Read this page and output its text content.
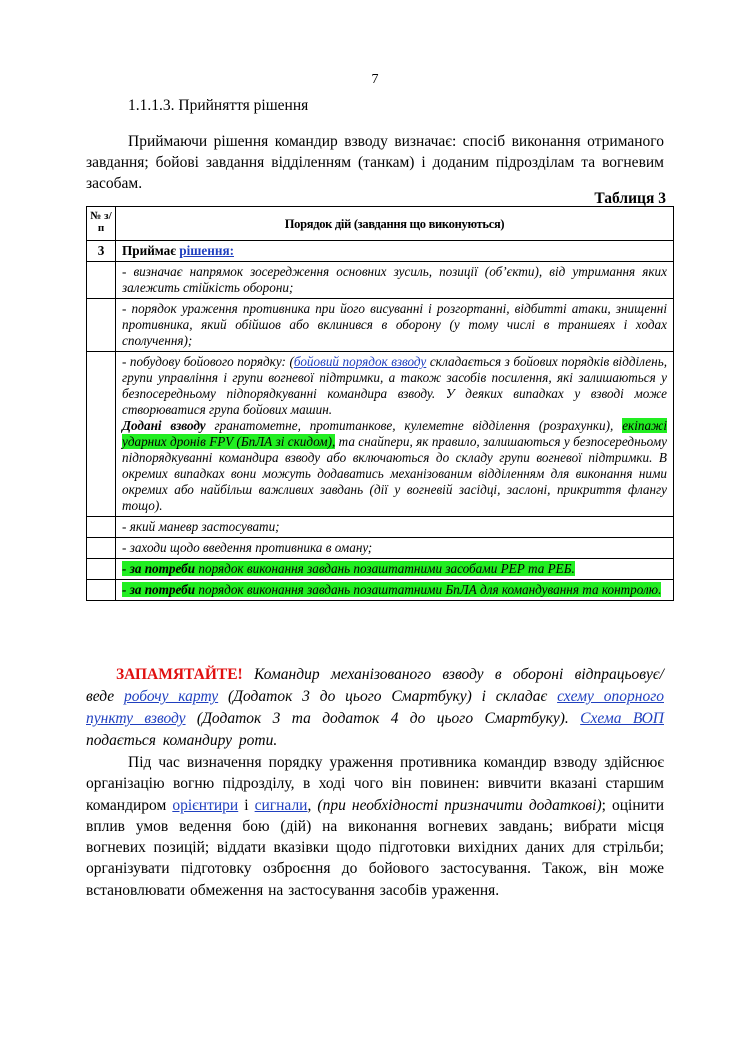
7
1.1.1.3. Прийняття рішення
Приймаючи рішення командир взводу визначає: спосіб виконання отриманого завдання; бойові завдання відділенням (танкам) і доданим підрозділам та вогневим засобам.
Таблиця 3
№ з/п	Порядок дій (завдання що виконуються)
3	Приймає рішення:
	- визначає напрямок зосередження основних зусиль, позиції (об’єкти), від утримання яких залежить стійкість оборони;
	- порядок ураження противника при його висуванні і розгортанні, відбитті атаки, знищенні противника, який обійшов або вклинився в оборону (у тому числі в траншеях і ходах сполучення);
	- побудову бойового порядку: (бойовий порядок взводу складається з бойових порядків відділень, групи управління і групи вогневої підтримки, а також засобів посилення, які залишаються у безпосередньому підпорядкуванні командира взводу. У деяких випадках у взводі може створюватися група бойових машин.
Додані взводу гранатометне, протитанкове, кулеметне відділення (розрахунки), екіпажі ударних дронів FPV (БпЛА зі скидом), та снайпери, як правило, залишаються у безпосередньому підпорядкуванні командира взводу або включаються до складу групи вогневої підтримки. В окремих випадках вони можуть додаватись механізованим відділенням для виконання ними окремих або найбільш важливих завдань (дії у вогневій засідці, заслоні, прикриття флангу тощо).
	- який маневр застосувати;
	- заходи щодо введення противника в оману;
	- за потреби порядок виконання завдань позаштатними засобами РЕР та РЕБ.
	- за потреби порядок виконання завдань позаштатними БпЛА для командування та контролю.
ЗАПАМЯТАЙТЕ! Командир механізованого взводу в обороні відпрацьовує/веде робочу карту (Додаток 3 до цього Смартбуку) і складає схему опорного пункту взводу (Додаток 3 та додаток 4 до цього Смартбуку). Схема ВОП подається командиру роти.
Під час визначення порядку ураження противника командир взводу здійснює організацію вогню підрозділу, в ході чого він повинен: вивчити вказані старшим командиром орієнтири і сигнали, (при необхідності призначити додаткові); оцінити вплив умов ведення бою (дій) на виконання вогневих завдань; вибрати місця вогневих позицій; віддати вказівки щодо підготовки вихідних даних для стрільби; організувати підготовку озброєння до бойового застосування. Також, він може встановлювати обмеження на застосування засобів ураження.
